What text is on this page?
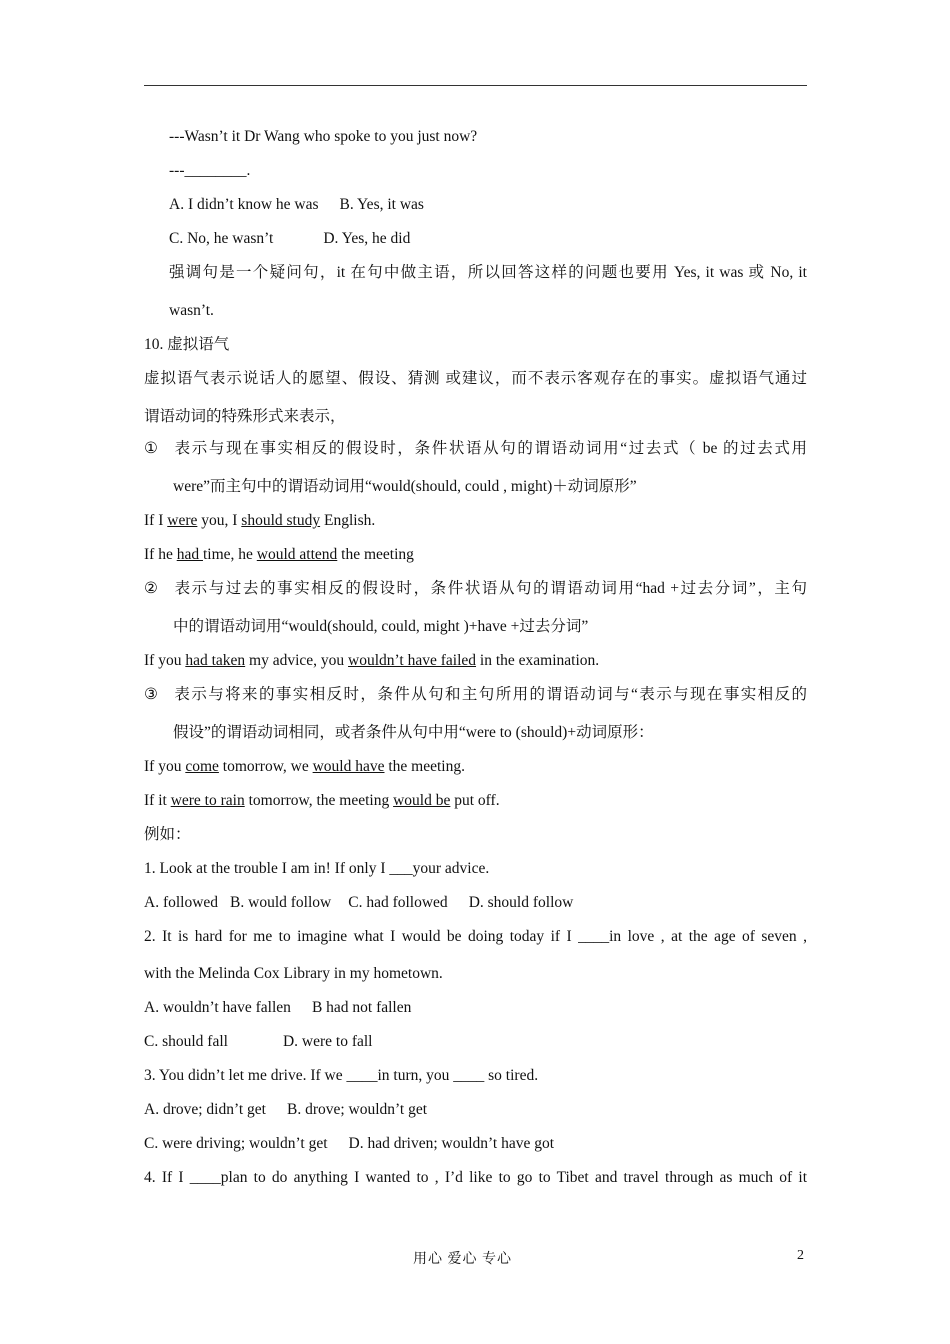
---Wasn’t it Dr Wang who spoke to you just now?
---________.
A. I didn’t know he was B. Yes, it was
C. No, he wasn’t	D. Yes, he did
强调句是一个疑问句，it 在句中做主语，所以回答这样的问题也要用 Yes, it was 或 No, it
wasn’t.
10. 虚拟语气
虚拟语气表示说话人的愿望、假设、猜测 或建议，而不表示客观存在的事实。虚拟语气通过
谓语动词的特殊形式来表示，
① 表示与现在事实相反的假设时，条件状语从句的谓语动词用“过去式（ be 的过去式用
were”而主句中的谓语动词用“would(should, could , might)＋动词原形”
If I were you, I should study English.
If he had time, he would attend the meeting
② 表示与过去的事实相反的假设时，条件状语从句的谓语动词用“had +过去分词”，主句
中的谓语动词用“would(should, could, might )+have +过去分词”
If you had taken my advice, you wouldn’t have failed in the examination.
③ 表示与将来的事实相反时，条件从句和主句所用的谓语动词与“表示与现在事实相反的
假设”的谓语动词相同，或者条件从句中用“were to (should)+动词原形：
If you come tomorrow, we would have the meeting.
If it were to rain tomorrow, the meeting would be put off.
例如：
1. Look at the trouble I am in! If only I ___your advice.
A. followed B. would follow C. had followed D. should follow
2. It is hard for me to imagine what I would be doing today if I ____in love , at the age of seven ,
with the Melinda Cox Library in my hometown.
A. wouldn’t have fallen B had not fallen
C. should fall	D. were to fall
3. You didn’t let me drive. If we ____in turn, you ____ so tired.
A. drove; didn’t get B. drove; wouldn’t get
C. were driving; wouldn’t get D. had driven; wouldn’t have got
4. If I ____plan to do anything I wanted to , I’d like to go to Tibet and travel through as much of it
用心 爱心 专心	2
